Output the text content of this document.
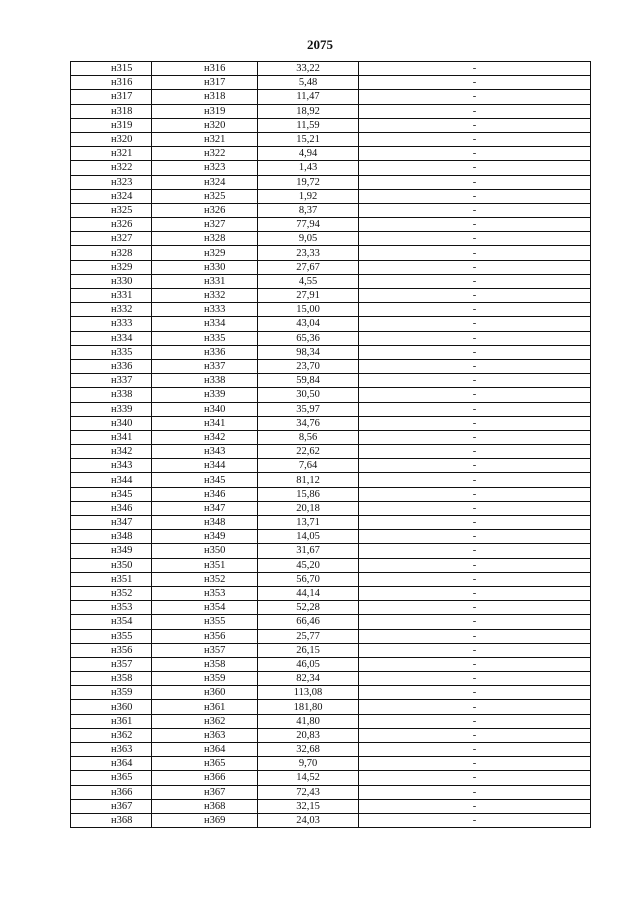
2075
н315	н316	33,22	-
н316	н317	5,48	-
н317	н318	11,47	-
н318	н319	18,92	-
н319	н320	11,59	-
н320	н321	15,21	-
н321	н322	4,94	-
н322	н323	1,43	-
н323	н324	19,72	-
н324	н325	1,92	-
н325	н326	8,37	-
н326	н327	77,94	-
н327	н328	9,05	-
н328	н329	23,33	-
н329	н330	27,67	-
н330	н331	4,55	-
н331	н332	27,91	-
н332	н333	15,00	-
н333	н334	43,04	-
н334	н335	65,36	-
н335	н336	98,34	-
н336	н337	23,70	-
н337	н338	59,84	-
н338	н339	30,50	-
н339	н340	35,97	-
н340	н341	34,76	-
н341	н342	8,56	-
н342	н343	22,62	-
н343	н344	7,64	-
н344	н345	81,12	-
н345	н346	15,86	-
н346	н347	20,18	-
н347	н348	13,71	-
н348	н349	14,05	-
н349	н350	31,67	-
н350	н351	45,20	-
н351	н352	56,70	-
н352	н353	44,14	-
н353	н354	52,28	-
н354	н355	66,46	-
н355	н356	25,77	-
н356	н357	26,15	-
н357	н358	46,05	-
н358	н359	82,34	-
н359	н360	113,08	-
н360	н361	181,80	-
н361	н362	41,80	-
н362	н363	20,83	-
н363	н364	32,68	-
н364	н365	9,70	-
н365	н366	14,52	-
н366	н367	72,43	-
н367	н368	32,15	-
н368	н369	24,03	-
